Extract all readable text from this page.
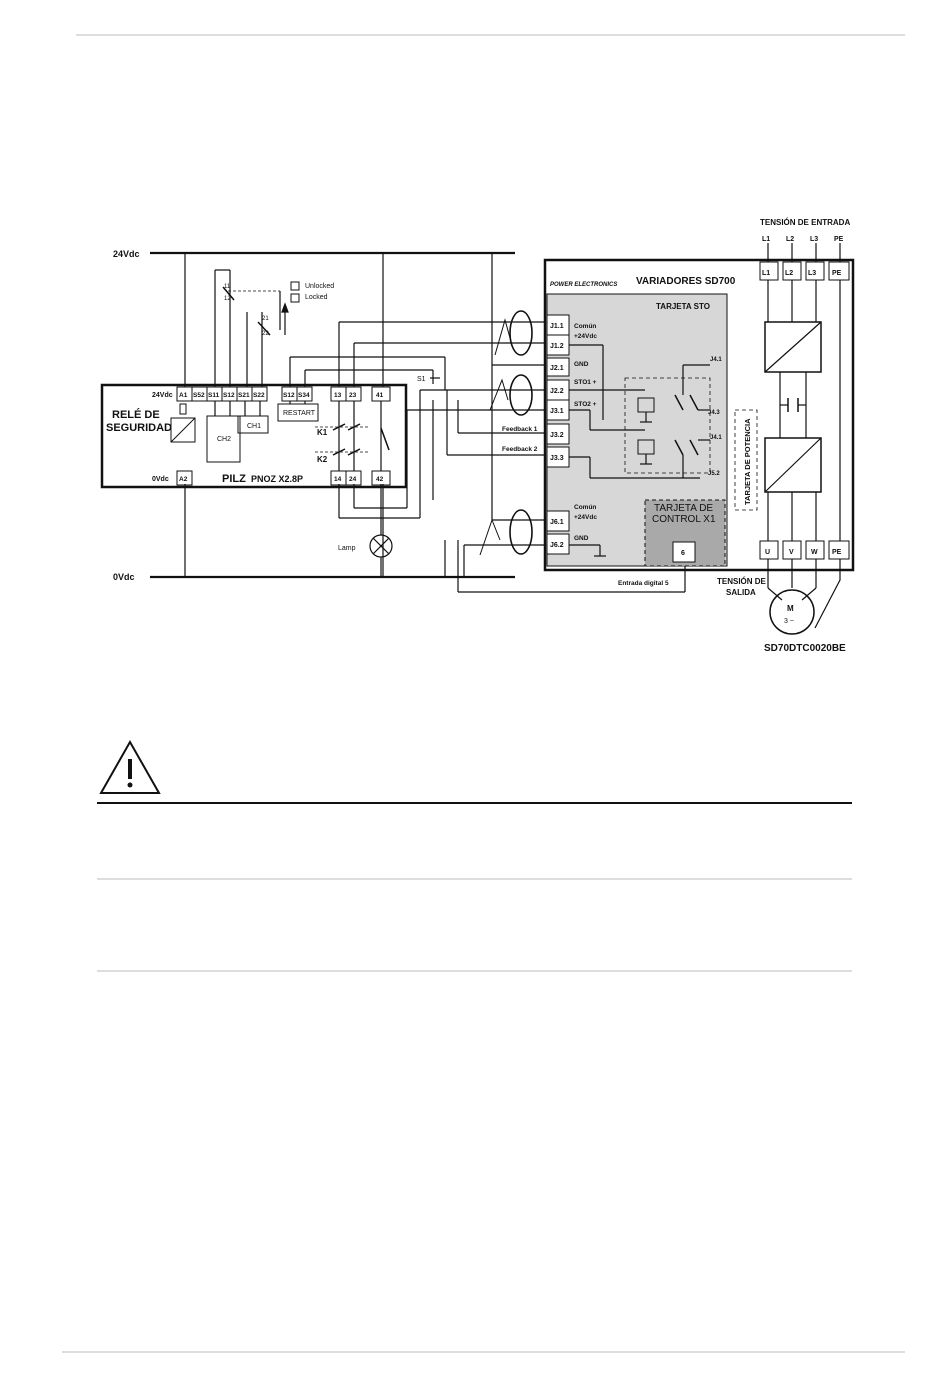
24Vdc
0Vdc
RELÉ DE
SEGURIDAD
24Vdc
0Vdc	PILZ PNOZ X2.8P
CH2
CH1
RESTART
K1
K2
A1 S52 S11 S12 S21 S22	S12 S34	13 23	41
A2	14 24	42
11
12
21
22
Unlocked
Locked
S1
Lamp
POWER ELECTRONICS VARIADORES SD700
TARJETA STO
J1.1
J1.2
J2.1
J2.2
J3.1
J3.2
J3.3
J6.1
J6.2
6
Común
+24Vdc
GND
STO1 +
STO2 +
Feedback 1
Feedback 2
Común
+24Vdc
GND
Entrada digital 5
J4.1
J4.3
J4.1
J5.2
TARJETA DE
CONTROL X1
TARJETA DE POTENCIA
L1 L2 L3 PE
U	V W PE
L1 L2 L3 PE
TENSIÓN DE ENTRADA
TENSIÓN DE
SALIDA
M
3 ~
SD70DTC0020BE
